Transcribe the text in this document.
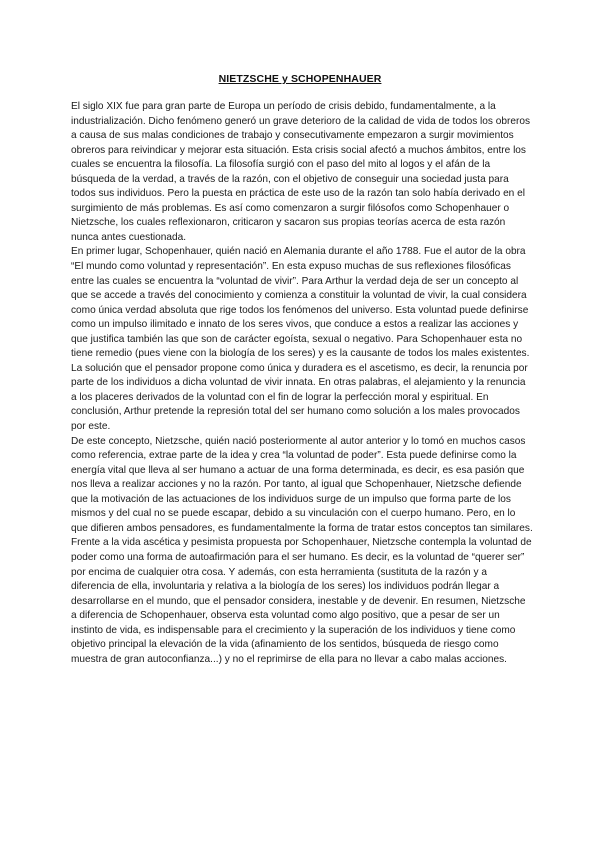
NIETZSCHE y SCHOPENHAUER

El siglo XIX fue para gran parte de Europa un período de crisis debido, fundamentalmente, a la industrialización. Dicho fenómeno generó un grave deterioro de la calidad de vida de todos los obreros a causa de sus malas condiciones de trabajo y consecutivamente empezaron a surgir movimientos obreros para reivindicar y mejorar esta situación. Esta crisis social afectó a muchos ámbitos, entre los cuales se encuentra la filosofía. La filosofía surgió con el paso del mito al logos y el afán de la búsqueda de la verdad, a través de la razón, con el objetivo de conseguir una sociedad justa para todos sus individuos. Pero la puesta en práctica de este uso de la razón tan solo había derivado en el surgimiento de más problemas. Es así como comenzaron a surgir filósofos como Schopenhauer o Nietzsche, los cuales reflexionaron, criticaron y sacaron sus propias teorías acerca de esta razón nunca antes cuestionada.

En primer lugar, Schopenhauer, quién nació en Alemania durante el año 1788. Fue el autor de la obra “El mundo como voluntad y representación”. En esta expuso muchas de sus reflexiones filosóficas entre las cuales se encuentra la “voluntad de vivir”. Para Arthur la verdad deja de ser un concepto al que se accede a través del conocimiento y comienza a constituir la voluntad de vivir, la cual considera como única verdad absoluta que rige todos los fenómenos del universo. Esta voluntad puede definirse como un impulso ilimitado e innato de los seres vivos, que conduce a estos a realizar las acciones y que justifica también las que son de carácter egoísta, sexual o negativo. Para Schopenhauer esta no tiene remedio (pues viene con la biología de los seres) y es la causante de todos los males existentes. La solución que el pensador propone como única y duradera es el ascetismo, es decir, la renuncia por parte de los individuos a dicha voluntad de vivir innata. En otras palabras, el alejamiento y la renuncia a los placeres derivados de la voluntad con el fin de lograr la perfección moral y espiritual. En conclusión, Arthur pretende la represión total del ser humano como solución a los males provocados por este.

De este concepto, Nietzsche, quién nació posteriormente al autor anterior y lo tomó en muchos casos como referencia, extrae parte de la idea y crea “la voluntad de poder”. Esta puede definirse como la energía vital que lleva al ser humano a actuar de una forma determinada, es decir, es esa pasión que nos lleva a realizar acciones y no la razón. Por tanto, al igual que Schopenhauer, Nietzsche defiende que la motivación de las actuaciones de los individuos surge de un impulso que forma parte de los mismos y del cual no se puede escapar, debido a su vinculación con el cuerpo humano. Pero, en lo que difieren ambos pensadores, es fundamentalmente la forma de tratar estos conceptos tan similares. Frente a la vida ascética y pesimista propuesta por Schopenhauer, Nietzsche contempla la voluntad de poder como una forma de autoafirmación para el ser humano. Es decir, es la voluntad de “querer ser” por encima de cualquier otra cosa. Y además, con esta herramienta (sustituta de la razón y a diferencia de ella, involuntaria y relativa a la biología de los seres) los individuos podrán llegar a desarrollarse en el mundo, que el pensador considera, inestable y de devenir. En resumen, Nietzsche a diferencia de Schopenhauer, observa esta voluntad como algo positivo, que a pesar de ser un instinto de vida, es indispensable para el crecimiento y la superación de los individuos y tiene como objetivo principal la elevación de la vida (afinamiento de los sentidos, búsqueda de riesgo como muestra de gran autoconfianza...) y no el reprimirse de ella para no llevar a cabo malas acciones.
